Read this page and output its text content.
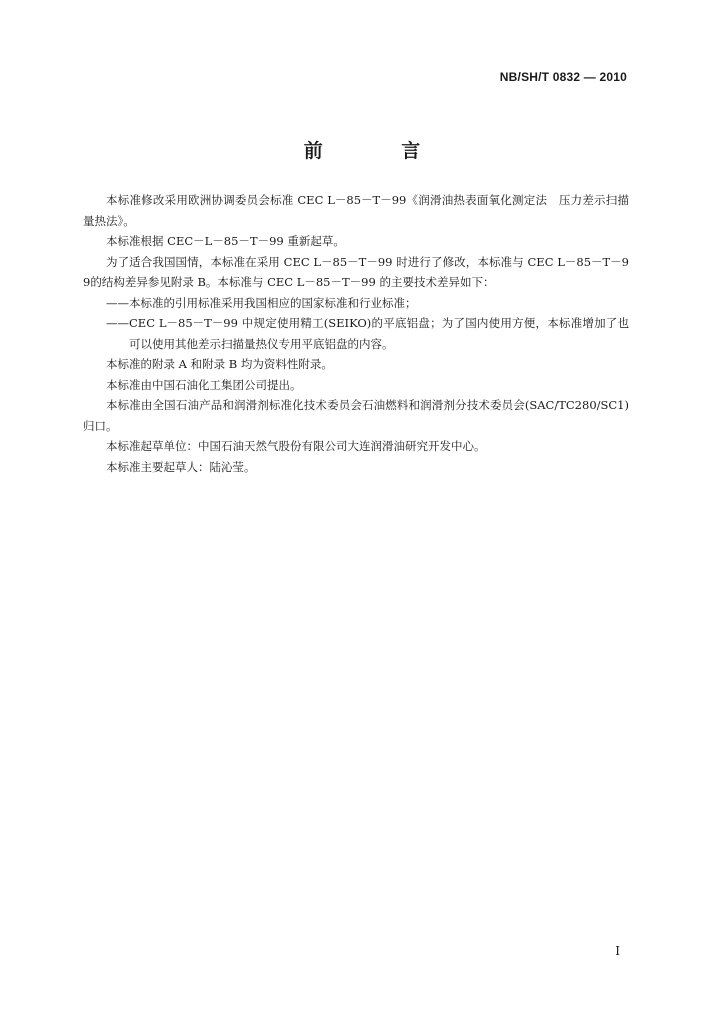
NB/SH/T 0832 — 2010
前 言

本标准修改采用欧洲协调委员会标准 CEC L－85－T－99《润滑油热表面氧化测定法　压力差示扫描量热法》。

本标准根据 CEC－L－85－T－99 重新起草。

为了适合我国国情，本标准在采用 CEC L－85－T－99 时进行了修改，本标准与 CEC L－85－T－99的结构差异参见附录 B。本标准与 CEC L－85－T－99 的主要技术差异如下：

——本标准的引用标准采用我国相应的国家标准和行业标准；

——CEC L－85－T－99 中规定使用精工(SEIKO)的平底铝盘；为了国内使用方便，本标准增加了也可以使用其他差示扫描量热仪专用平底铝盘的内容。

本标准的附录 A 和附录 B 均为资料性附录。

本标准由中国石油化工集团公司提出。

本标准由全国石油产品和润滑剂标准化技术委员会石油燃料和润滑剂分技术委员会(SAC/TC280/SC1)归口。

本标准起草单位：中国石油天然气股份有限公司大连润滑油研究开发中心。

本标准主要起草人：陆沁莹。

I
